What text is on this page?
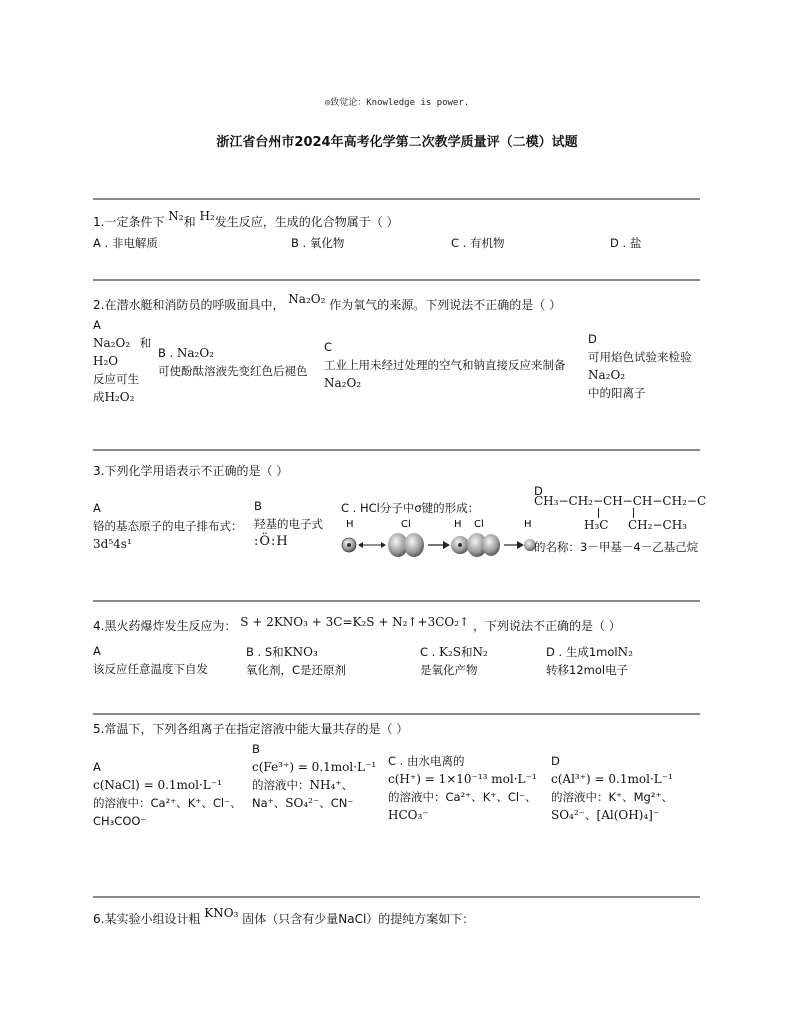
◎致觉论：Knowledge is power.
浙江省台州市2024年高考化学第二次教学质量评（二模）试题
1.一定条件下 N₂和 H₂发生反应，生成的化合物属于（ ）
A . 非电解质	B . 氧化物	C . 有机物	D . 盐
2.在潜水艇和消防员的呼吸面具中， Na₂O₂ 作为氧气的来源。下列说法不正确的是（ ）
A
Na₂O₂ 和
H₂O
反应可生成H₂O₂
B . Na₂O₂
可使酚酞溶液先变红色后褪色
C
工业上用未经过处理的空气和钠直接反应来制备Na₂O₂
D
可用焰色试验来检验Na₂O₂
中的阳离子
3.下列化学用语表示不正确的是（ ）
A
铬的基态原子的电子排布式：3d⁵4s¹
B
羟基的电子式
:Ö:H
C . HCl分子中σ键的形成：
H	Cl	H Cl	H
D
CH₃−CH₂−CH−CH−CH₂−C
H₃C CH₂−CH₃
的名称：3－甲基－4－乙基己烷
4.黑火药爆炸发生反应为： S + 2KNO₃ + 3C=K₂S + N₂↑+3CO₂↑ ，下列说法不正确的是（ ）
A
该反应任意温度下自发
B . S和KNO₃
氧化剂，C是还原剂
C . K₂S和N₂
是氧化产物
D . 生成1molN₂
转移12mol电子
5.常温下，下列各组离子在指定溶液中能大量共存的是（ ）
A
c(NaCl) = 0.1mol·L⁻¹
的溶液中：Ca²⁺、K⁺、Cl⁻、CH₃COO⁻
B
c(Fe³⁺) = 0.1mol·L⁻¹
的溶液中：NH₄⁺、Na⁺、SO₄²⁻、CN⁻
C . 由水电离的
c(H⁺) = 1×10⁻¹³ mol·L⁻¹
的溶液中：Ca²⁺、K⁺、Cl⁻、HCO₃⁻
D
c(Al³⁺) = 0.1mol·L⁻¹
的溶液中：K⁺、Mg²⁺、SO₄²⁻、[Al(OH)₄]⁻
6.某实验小组设计粗 KNO₃ 固体（只含有少量NaCl）的提纯方案如下：
